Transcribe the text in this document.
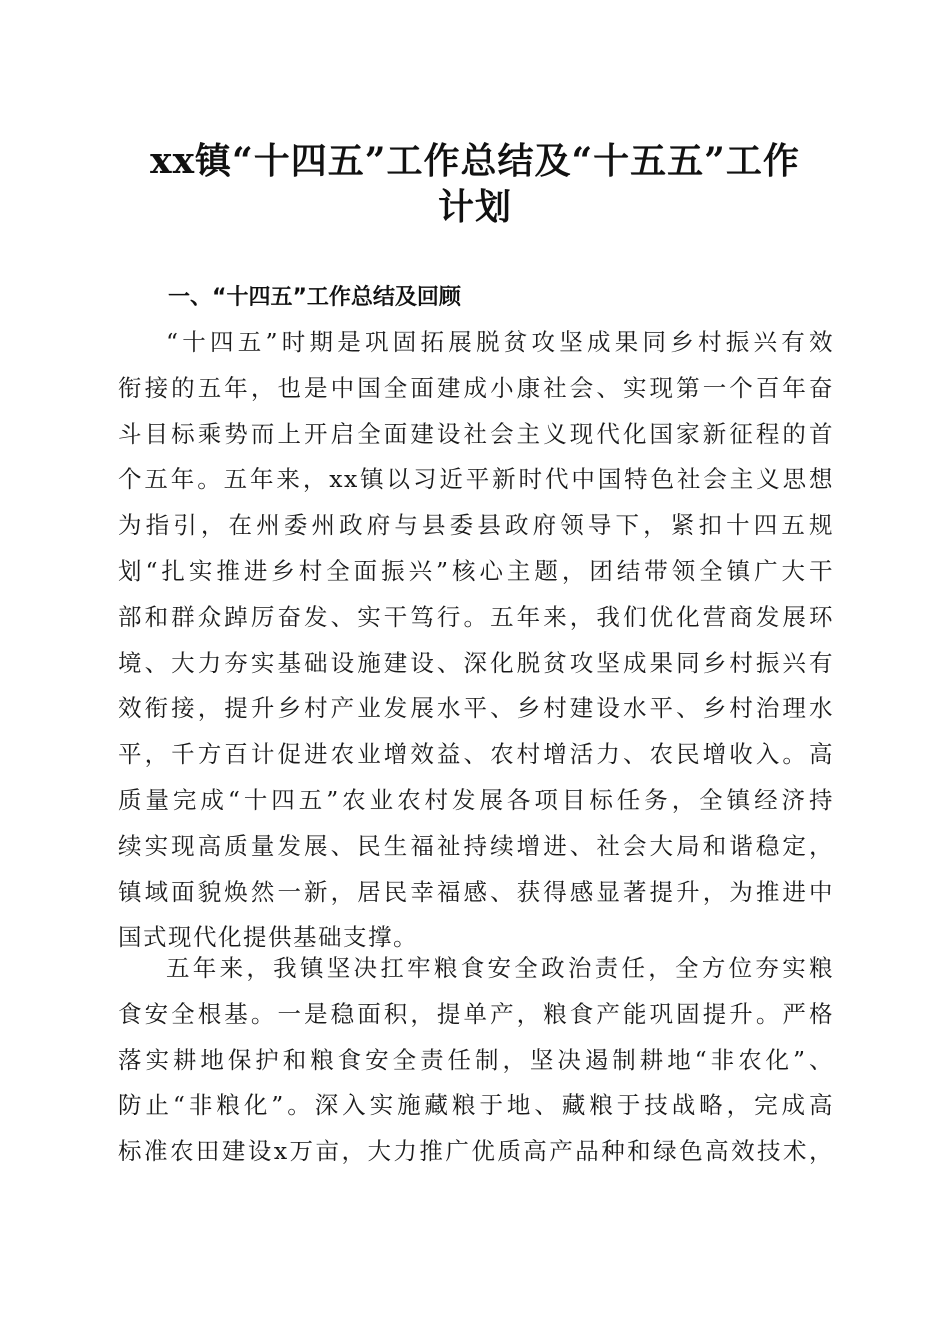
xx镇“十四五”工作总结及“十五五”工作
计划
一、“十四五”工作总结及回顾
“十四五”时期是巩固拓展脱贫攻坚成果同乡村振兴有效
衔接的五年，也是中国全面建成小康社会、实现第一个百年奋
斗目标乘势而上开启全面建设社会主义现代化国家新征程的首
个五年。五年来，xx镇以习近平新时代中国特色社会主义思想
为指引，在州委州政府与县委县政府领导下，紧扣十四五规
划“扎实推进乡村全面振兴”核心主题，团结带领全镇广大干
部和群众踔厉奋发、实干笃行。五年来，我们优化营商发展环
境、大力夯实基础设施建设、深化脱贫攻坚成果同乡村振兴有
效衔接，提升乡村产业发展水平、乡村建设水平、乡村治理水
平，千方百计促进农业增效益、农村增活力、农民增收入。高
质量完成“十四五”农业农村发展各项目标任务，全镇经济持
续实现高质量发展、民生福祉持续增进、社会大局和谐稳定，
镇域面貌焕然一新，居民幸福感、获得感显著提升，为推进中
国式现代化提供基础支撑。
五年来，我镇坚决扛牢粮食安全政治责任，全方位夯实粮
食安全根基。一是稳面积，提单产，粮食产能巩固提升。严格
落实耕地保护和粮食安全责任制，坚决遏制耕地“非农化”、
防止“非粮化”。深入实施藏粮于地、藏粮于技战略，完成高
标准农田建设x万亩，大力推广优质高产品种和绿色高效技术，
